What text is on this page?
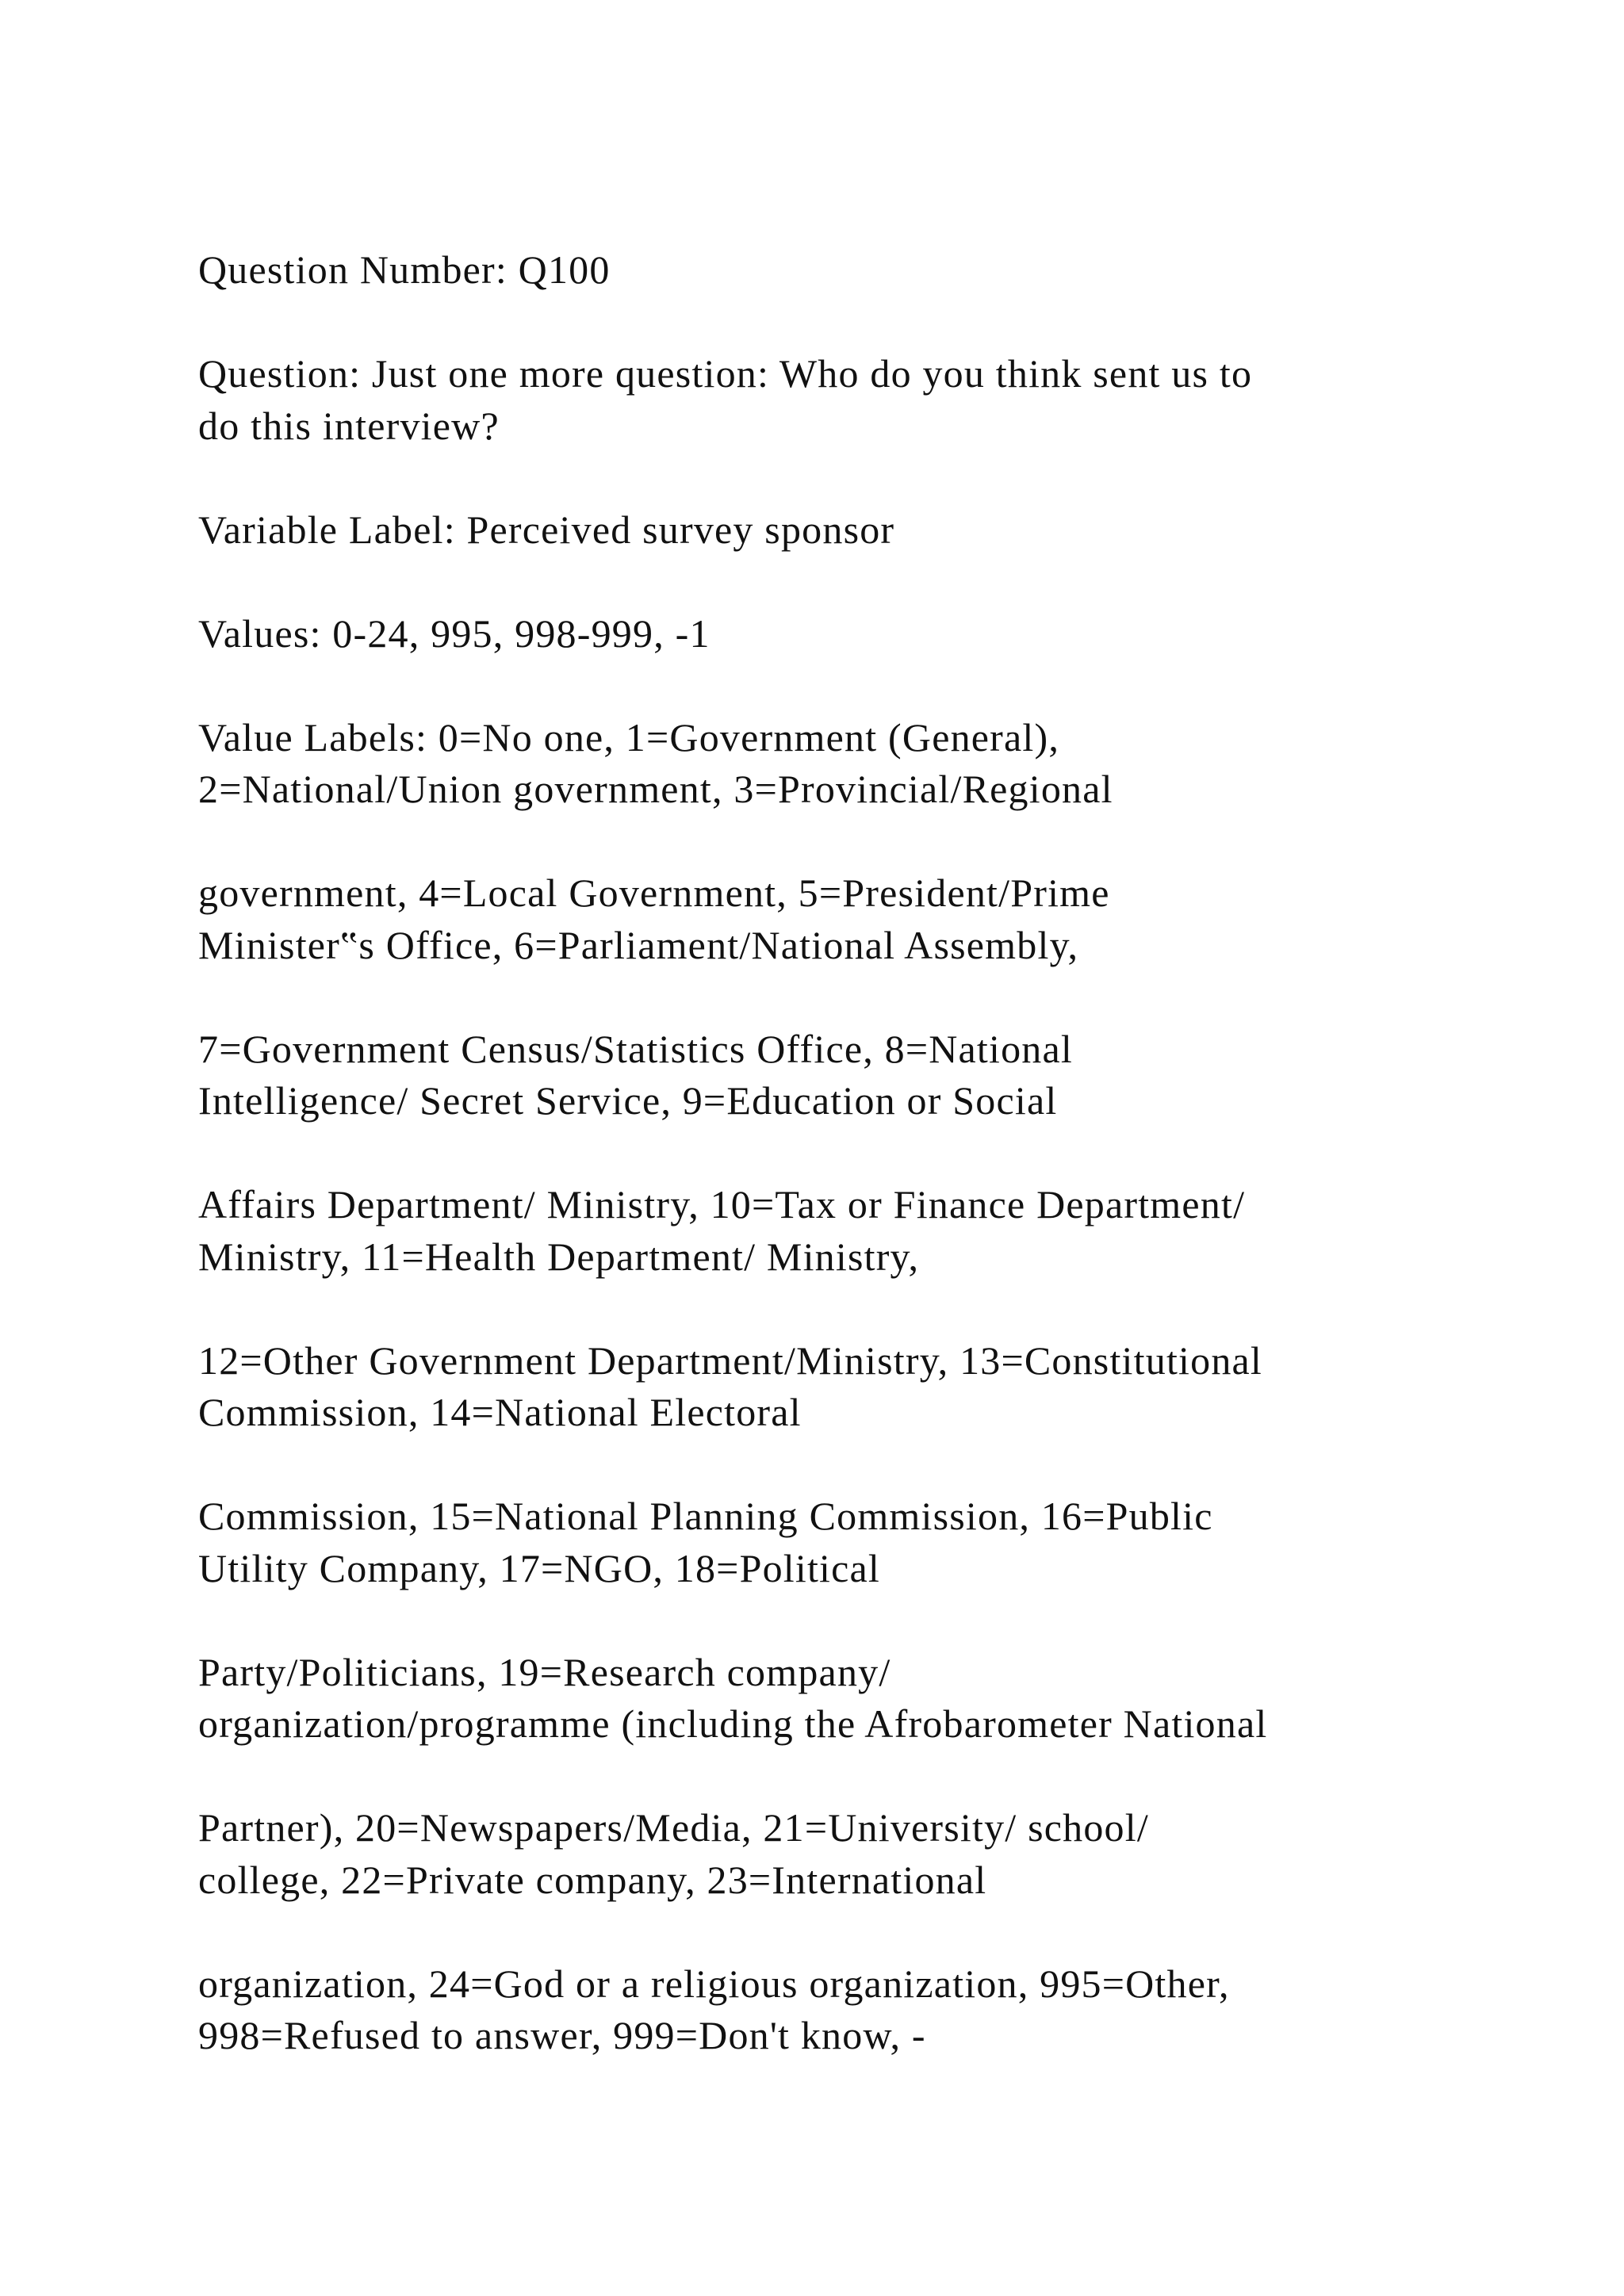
Question Number: Q100

Question: Just one more question: Who do you think sent us to
do this interview?

Variable Label: Perceived survey sponsor

Values: 0-24, 995, 998-999, -1

Value Labels: 0=No one, 1=Government (General),
2=National/Union government, 3=Provincial/Regional

government, 4=Local Government, 5=President/Prime
Minister‟s Office, 6=Parliament/National Assembly,

7=Government Census/Statistics Office, 8=National
Intelligence/ Secret Service, 9=Education or Social

Affairs Department/ Ministry, 10=Tax or Finance Department/
Ministry, 11=Health Department/ Ministry,

12=Other Government Department/Ministry, 13=Constitutional
Commission, 14=National Electoral

Commission, 15=National Planning Commission, 16=Public
Utility Company, 17=NGO, 18=Political

Party/Politicians, 19=Research company/
organization/programme (including the Afrobarometer National

Partner), 20=Newspapers/Media, 21=University/ school/
college, 22=Private company, 23=International

organization, 24=God or a religious organization, 995=Other,
998=Refused to answer, 999=Don't know, -
